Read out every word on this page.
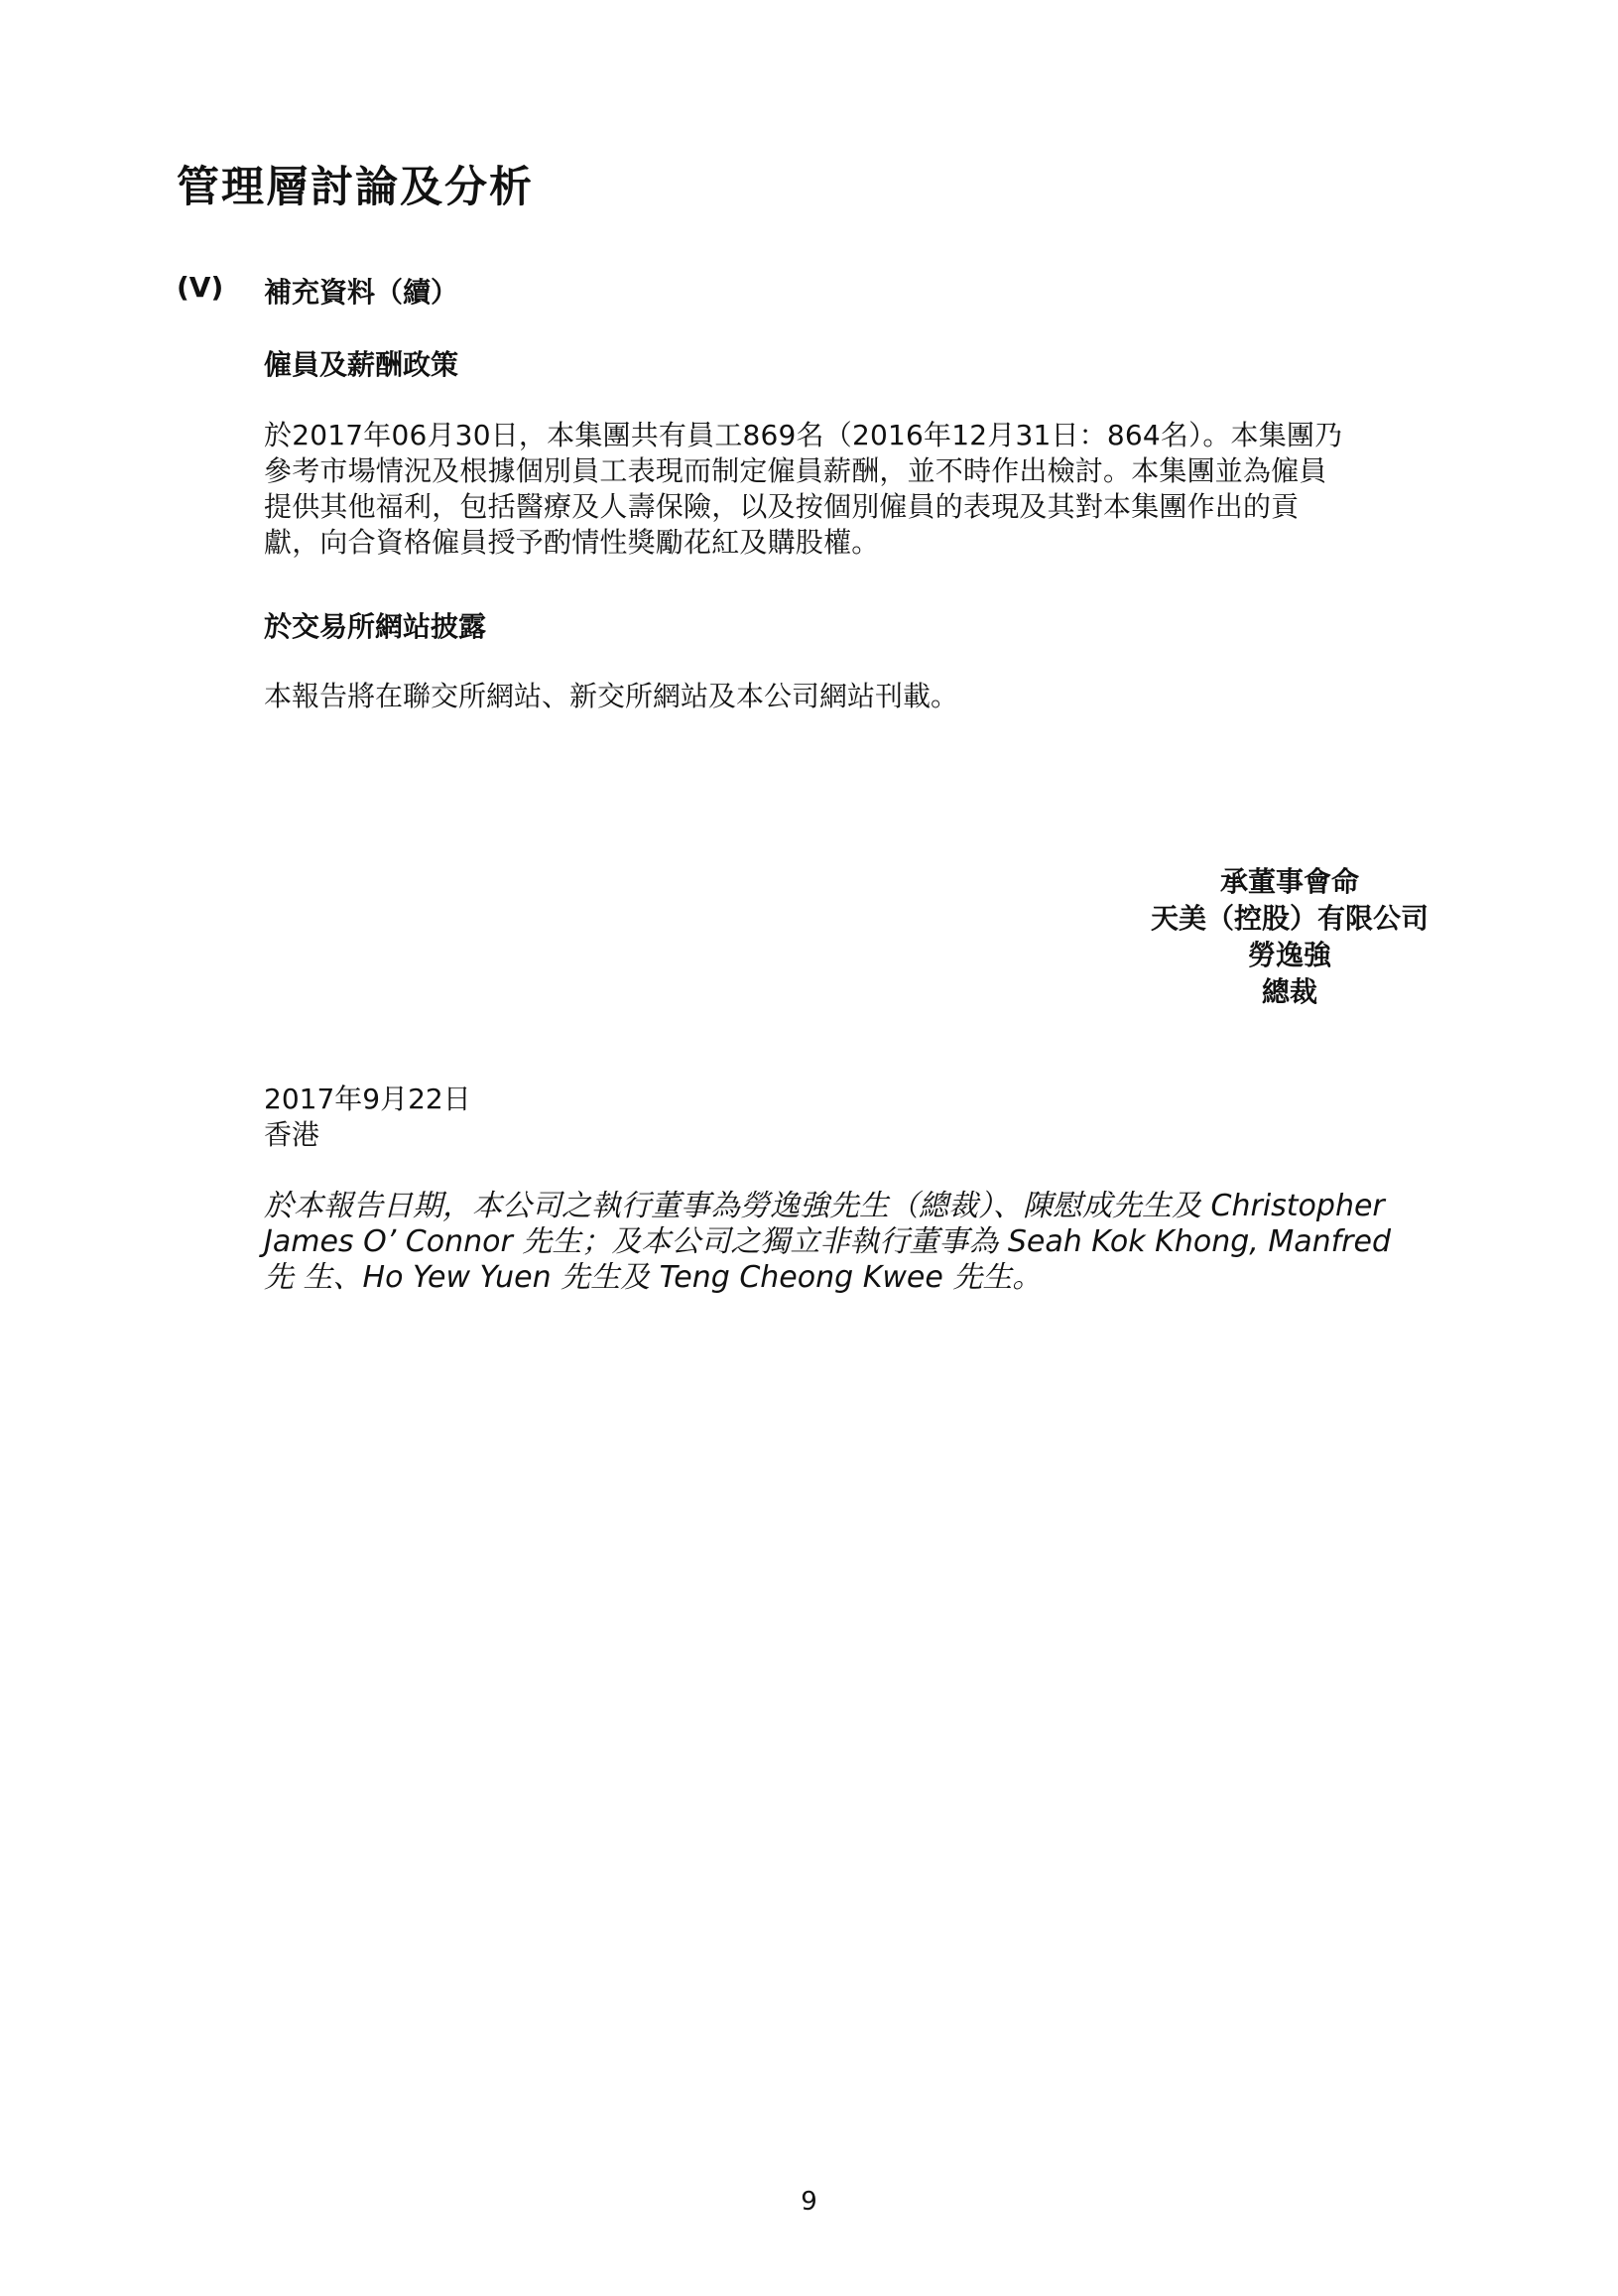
管理層討論及分析
(V) 補充資料（續）
僱員及薪酬政策

於2017年06月30日，本集團共有員工869名（2016年12月31日：864名）。本集團乃
參考市場情況及根據個別員工表現而制定僱員薪酬，並不時作出檢討。本集團並為僱員
提供其他福利，包括醫療及人壽保險，以及按個別僱員的表現及其對本集團作出的貢
獻，向合資格僱員授予酌情性獎勵花紅及購股權。

於交易所網站披露

本報告將在聯交所網站、新交所網站及本公司網站刊載。

承董事會命
天美（控股）有限公司
勞逸強
總裁
2017年9月22日
香港
於本報告日期，本公司之執行董事為勞逸強先生（總裁）、陳慰成先生及 Christopher
James O’ Connor 先生；及本公司之獨立非執行董事為 Seah Kok Khong, Manfred
先 生、Ho Yew Yuen 先生及 Teng Cheong Kwee 先生。
9
